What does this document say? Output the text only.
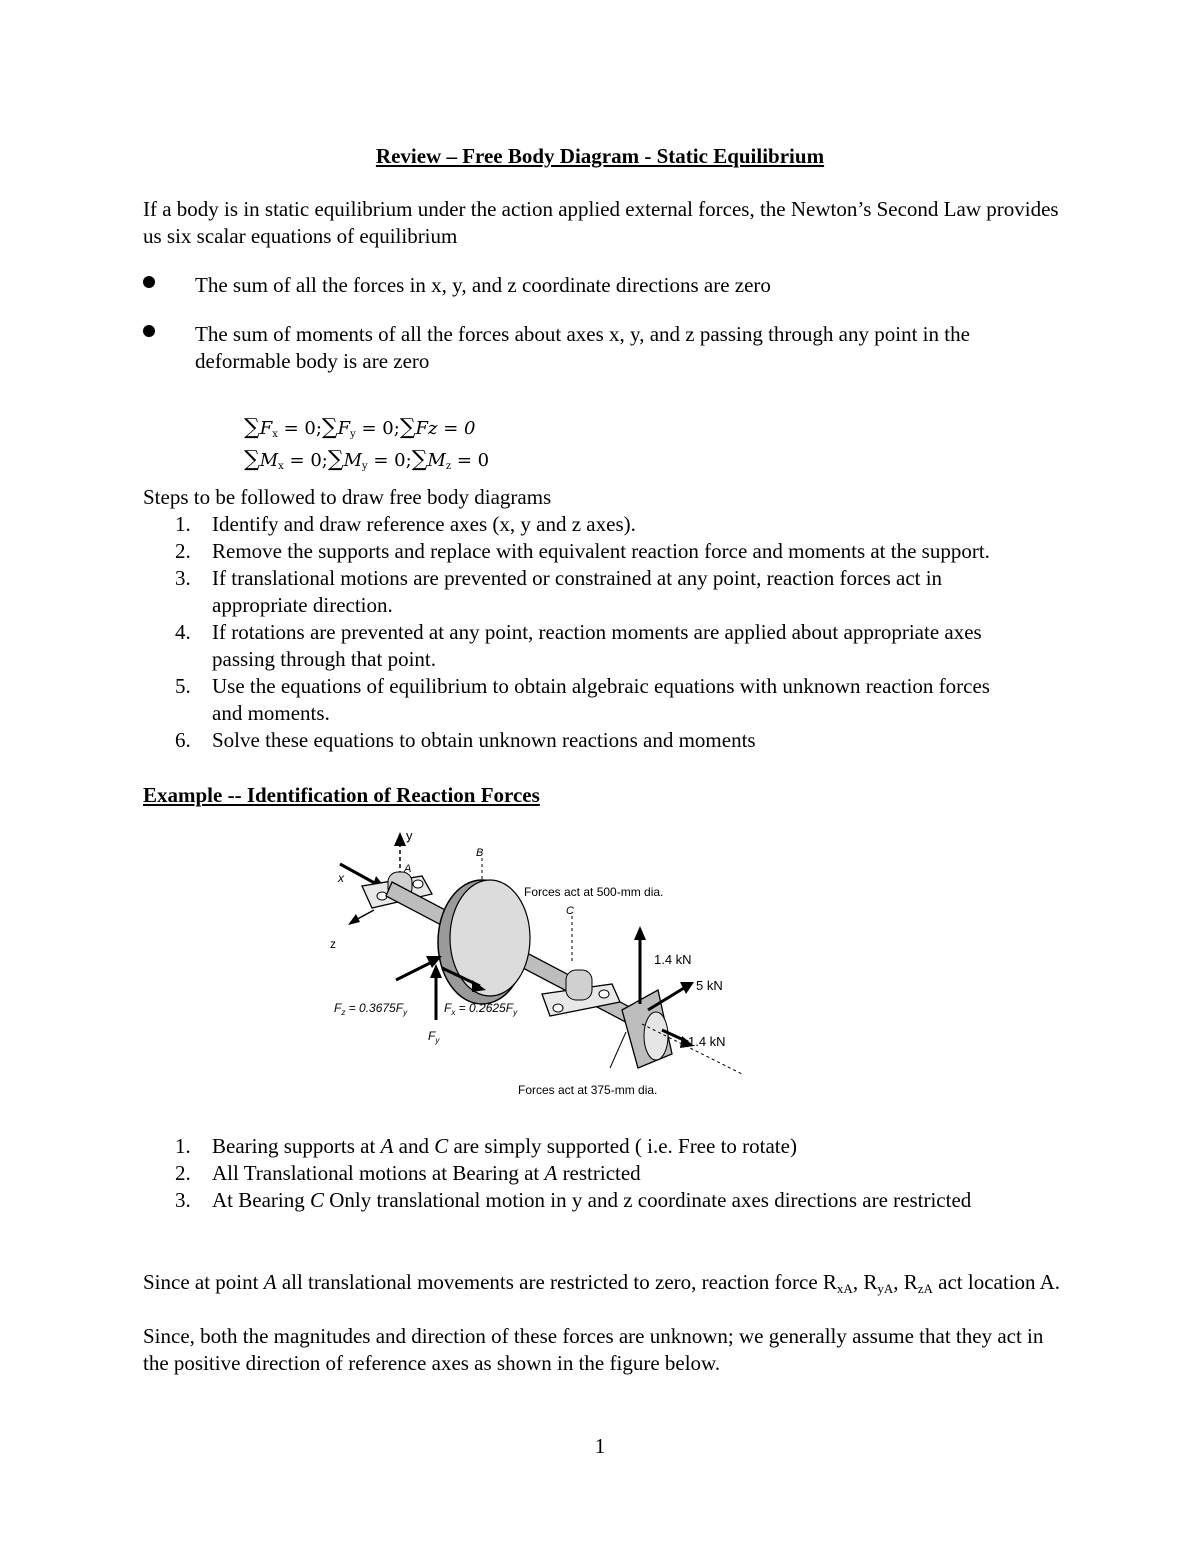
Review – Free Body Diagram - Static Equilibrium
If a body is in static equilibrium under the action applied external forces, the Newton’s Second Law provides us six scalar equations of equilibrium
The sum of all the forces in x, y, and z coordinate directions are zero
The sum of moments of all the forces about axes x, y, and z passing through any point in the deformable body is are zero
$\sum F_x$ = $0;\sum F_y$ = 0;∑Fz = 0
$\sum M_x$ = $0;\sum M_y$ = $0;\sum M_z = 0$
Steps to be followed to draw free body diagrams
1. Identify and draw reference axes (x, y and z axes).
2. Remove the supports and replace with equivalent reaction force and moments at the support.
3. If translational motions are prevented or constrained at any point, reaction forces act in appropriate direction.
4. If rotations are prevented at any point, reaction moments are applied about appropriate axes passing through that point.
5. Use the equations of equilibrium to obtain algebraic equations with unknown reaction forces and moments.
6. Solve these equations to obtain unknown reactions and moments
Example -- Identification of Reaction Forces
y
x
z
A
B
Forces act at 500-mm dia.
C
D
1.4 kN
5 kN
1.4 kN
Forces act at 375-mm dia.
$F_z = 0.3675F_y$
$F_y$
$F_x = 0.2625F_y$
1. Bearing supports at A and C are simply supported ( i.e. Free to rotate)
2. All Translational motions at Bearing at A restricted
3. At Bearing C Only translational motion in y and z coordinate axes directions are restricted
Since at point A all translational movements are restricted to zero, reaction force $R_{xA}$, $R_{yA}$, $R_{zA}$ act location A.
Since, both the magnitudes and direction of these forces are unknown; we generally assume that they act in the positive direction of reference axes as shown in the figure below.
1
